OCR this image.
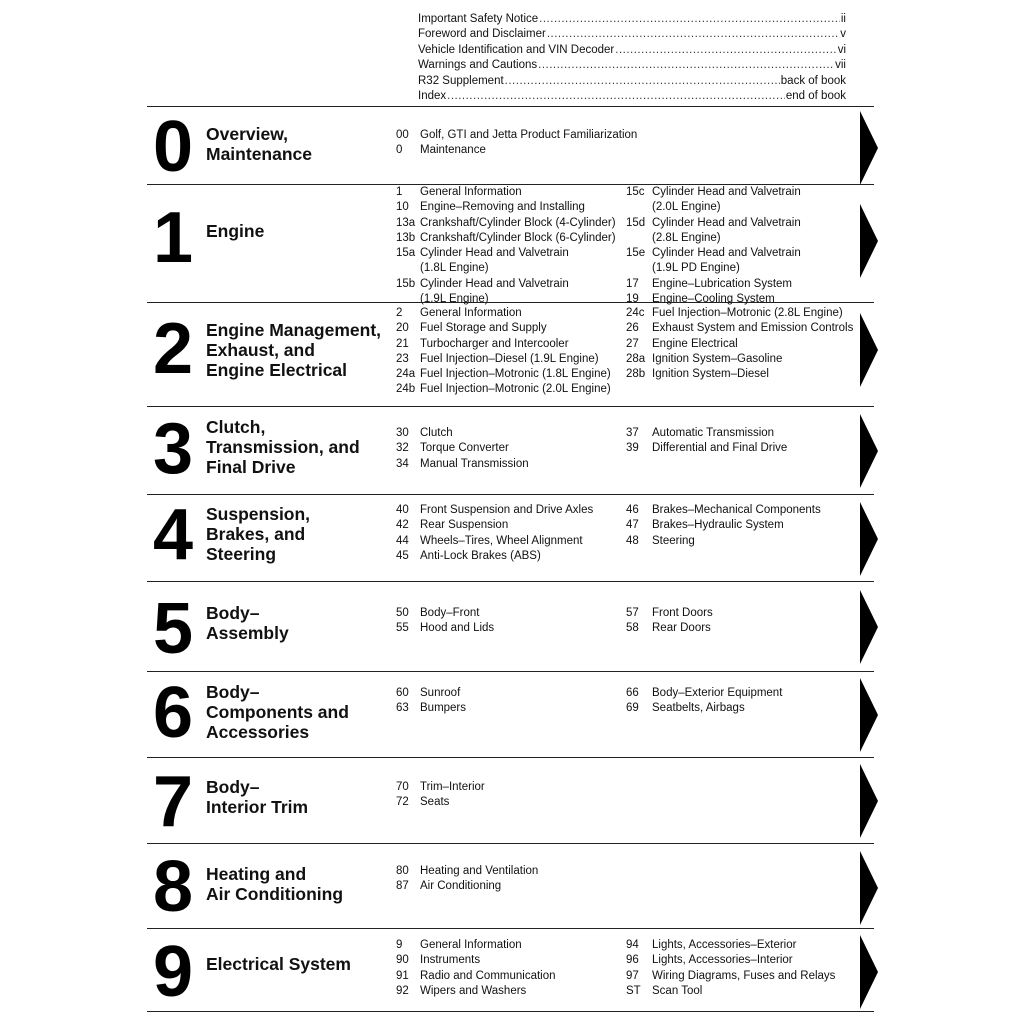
Important Safety Notice .....	ii
Foreword and Disclaimer .....	v
Vehicle Identification and VIN Decoder .....	vi
Warnings and Cautions .....	vii
R32 Supplement .....	back of book
Index .....	end of book
0 Overview,
Maintenance
00 Golf, GTI and Jetta Product Familiarization
0	Maintenance
1 Engine
1	General Information
10 Engine–Removing and Installing
13a Crankshaft/Cylinder Block (4-Cylinder)
13b Crankshaft/Cylinder Block (6-Cylinder)
15a Cylinder Head and Valvetrain
(1.8L Engine)
15b Cylinder Head and Valvetrain
(1.9L Engine)
15c Cylinder Head and Valvetrain
(2.0L Engine)
15d Cylinder Head and Valvetrain
(2.8L Engine)
15e Cylinder Head and Valvetrain
(1.9L PD Engine)
17	Engine–Lubrication System
19	Engine–Cooling System
2 Engine Management,
Exhaust, and
Engine Electrical
2	General Information
20 Fuel Storage and Supply
21 Turbocharger and Intercooler
23 Fuel Injection–Diesel (1.9L Engine)
24a Fuel Injection–Motronic (1.8L Engine)
24b Fuel Injection–Motronic (2.0L Engine)
24c Fuel Injection–Motronic (2.8L Engine)
26	Exhaust System and Emission Controls
27	Engine Electrical
28a Ignition System–Gasoline
28b Ignition System–Diesel
3 Clutch,
Transmission, and
Final Drive
30 Clutch
32 Torque Converter
34 Manual Transmission
37	Automatic Transmission
39	Differential and Final Drive
4 Suspension,
Brakes, and
Steering
40 Front Suspension and Drive Axles
42 Rear Suspension
44 Wheels–Tires, Wheel Alignment
45 Anti-Lock Brakes (ABS)
46	Brakes–Mechanical Components
47	Brakes–Hydraulic System
48	Steering
5 Body–
Assembly
50 Body–Front
55 Hood and Lids
57	Front Doors
58	Rear Doors
6 Body–
Components and
Accessories
60 Sunroof
63 Bumpers
66	Body–Exterior Equipment
69	Seatbelts, Airbags
7 Body–
Interior Trim
70 Trim–Interior
72 Seats
8 Heating and
Air Conditioning
80 Heating and Ventilation
87 Air Conditioning
9 Electrical System
9	General Information
90 Instruments
91 Radio and Communication
92 Wipers and Washers
94	Lights, Accessories–Exterior
96	Lights, Accessories–Interior
97	Wiring Diagrams, Fuses and Relays
ST Scan Tool
